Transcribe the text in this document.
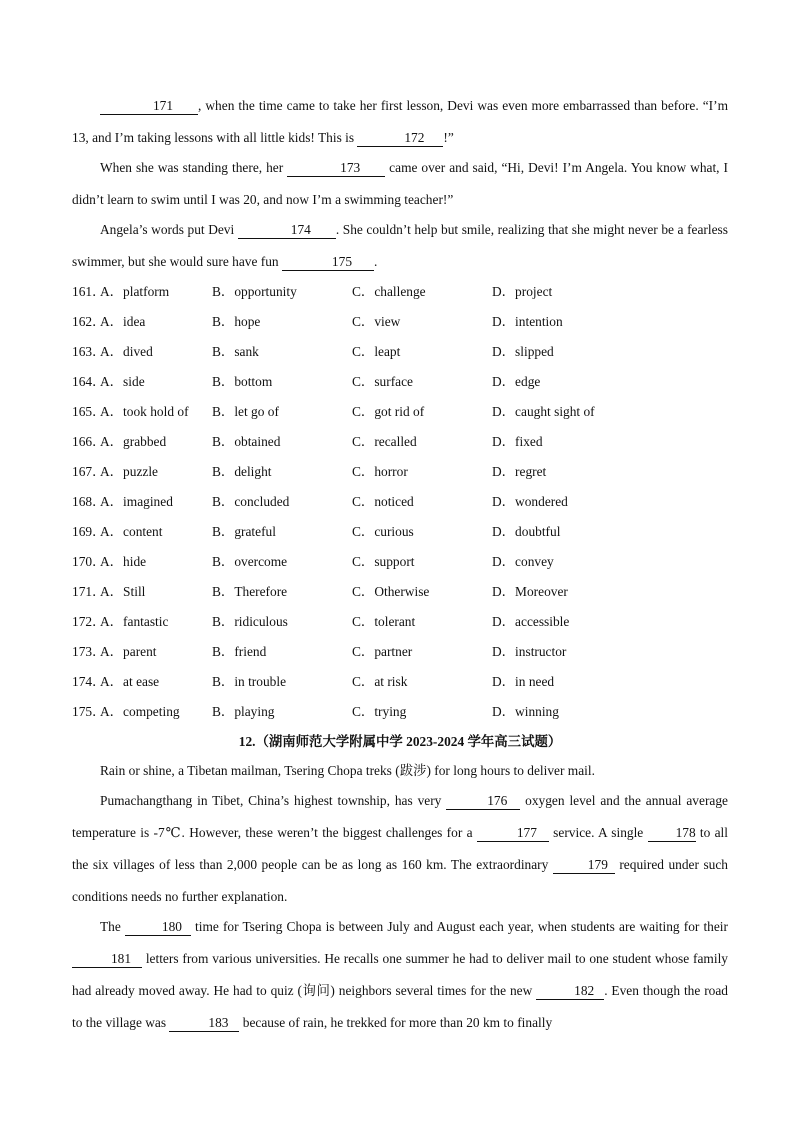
171 , when the time came to take her first lesson, Devi was even more embarrassed than before. “I’m 13, and I’m taking lessons with all little kids! This is	172 !”

When she was standing there, her	173 came over and said, “Hi, Devi! I’m Angela. You know what, I didn’t learn to swim until I was 20, and now I’m a swimming teacher!”

Angela’s words put Devi	174 . She couldn’t help but smile, realizing that she might never be a fearless swimmer, but she would sure have fun	175 .

161．
A．platform	B．opportunity	C．challenge	D．project
162．
A．idea	B．hope	C．view	D．intention
163．
A．dived	B．sank	C．leapt	D．slipped
164．
A．side	B．bottom	C．surface	D．edge
165．
A．took hold of B．let go of	C．got rid of	D．caught sight of
166．
A．grabbed	B．obtained	C．recalled	D．fixed
167．
A．puzzle	B．delight	C．horror	D．regret
168．
A．imagined	B．concluded	C．noticed	D．wondered
169．
A．content	B．grateful	C．curious	D．doubtful
170．
A．hide	B．overcome	C．support	D．convey
171．
A．Still	B．Therefore	C．Otherwise	D．Moreover
172．
A．fantastic	B．ridiculous	C．tolerant	D．accessible
173．
A．parent	B．friend	C．partner	D．instructor
174．
A．at ease	B．in trouble	C．at risk	D．in need
175．
A．competing B．playing	C．trying	D．winning
12.（湖南师范大学附属中学 2023-2024 学年高三试题）

Rain or shine, a Tibetan mailman, Tsering Chopa treks (跋涉) for long hours to deliver mail.

Pumachangthang in Tibet, China’s highest township, has very	176 oxygen level and the annual average temperature is -7℃. However, these weren’t the biggest challenges for a	177 service. A single 178 to all the six villages of less than 2,000 people can be as long as 160 km. The extraordinary	179 required under such conditions needs no further explanation.

The	180 time for Tsering Chopa is between July and August each year, when students are waiting for their 181 letters from various universities. He recalls one summer he had to deliver mail to one student whose family had already moved away. He had to quiz (询问) neighbors several times for the new	182 . Even though the road to the village was	183 because of rain, he trekked for more than 20 km to finally
